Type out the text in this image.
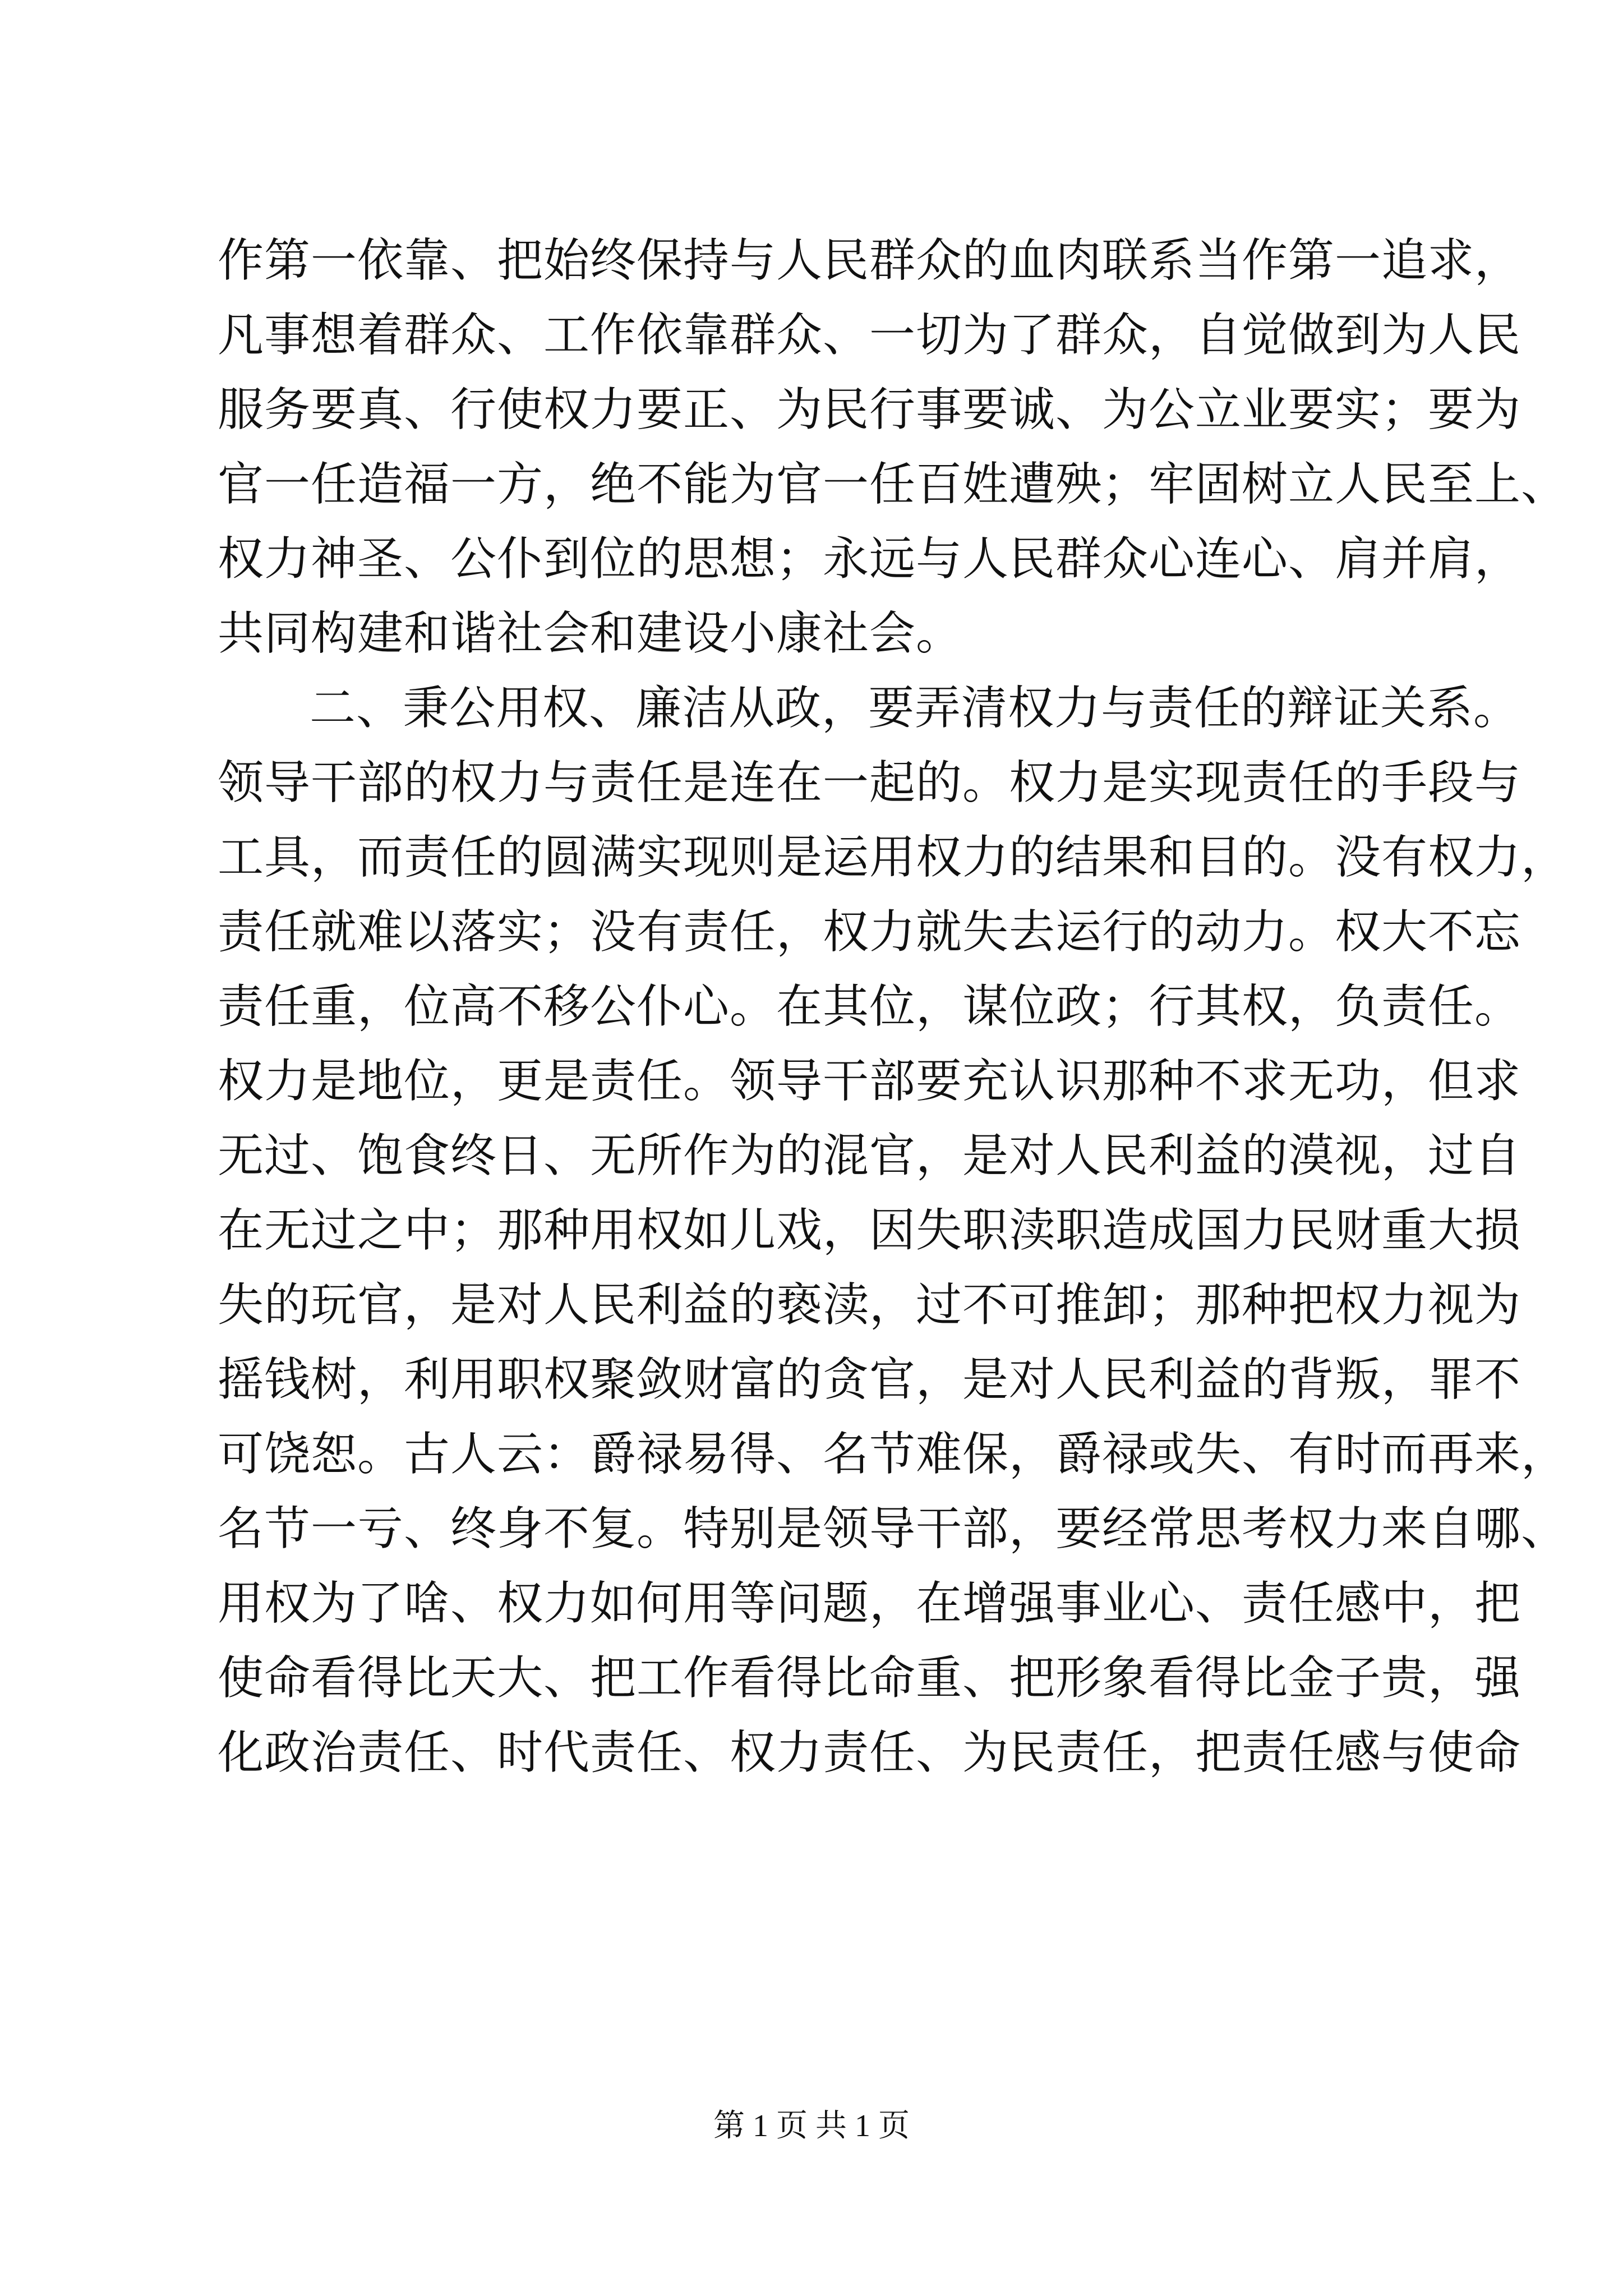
作第一依靠、把始终保持与人民群众的血肉联系当作第一追求，
凡事想着群众、工作依靠群众、一切为了群众，自觉做到为人民
服务要真、行使权力要正、为民行事要诚、为公立业要实；要为
官一任造福一方，绝不能为官一任百姓遭殃；牢固树立人民至上、
权力神圣、公仆到位的思想；永远与人民群众心连心、肩并肩，
共同构建和谐社会和建设小康社会。
二、秉公用权、廉洁从政，要弄清权力与责任的辩证关系。
领导干部的权力与责任是连在一起的。权力是实现责任的手段与
工具，而责任的圆满实现则是运用权力的结果和目的。没有权力，
责任就难以落实；没有责任，权力就失去运行的动力。权大不忘
责任重，位高不移公仆心。在其位，谋位政；行其权，负责任。
权力是地位，更是责任。领导干部要充认识那种不求无功，但求
无过、饱食终日、无所作为的混官，是对人民利益的漠视，过自
在无过之中；那种用权如儿戏，因失职渎职造成国力民财重大损
失的玩官，是对人民利益的亵渎，过不可推卸；那种把权力视为
摇钱树，利用职权聚敛财富的贪官，是对人民利益的背叛，罪不
可饶恕。古人云：爵禄易得、名节难保，爵禄或失、有时而再来，
名节一亏、终身不复。特别是领导干部，要经常思考权力来自哪、
用权为了啥、权力如何用等问题，在增强事业心、责任感中，把
使命看得比天大、把工作看得比命重、把形象看得比金子贵，强
化政治责任、时代责任、权力责任、为民责任，把责任感与使命
第 1 页 共 1 页
